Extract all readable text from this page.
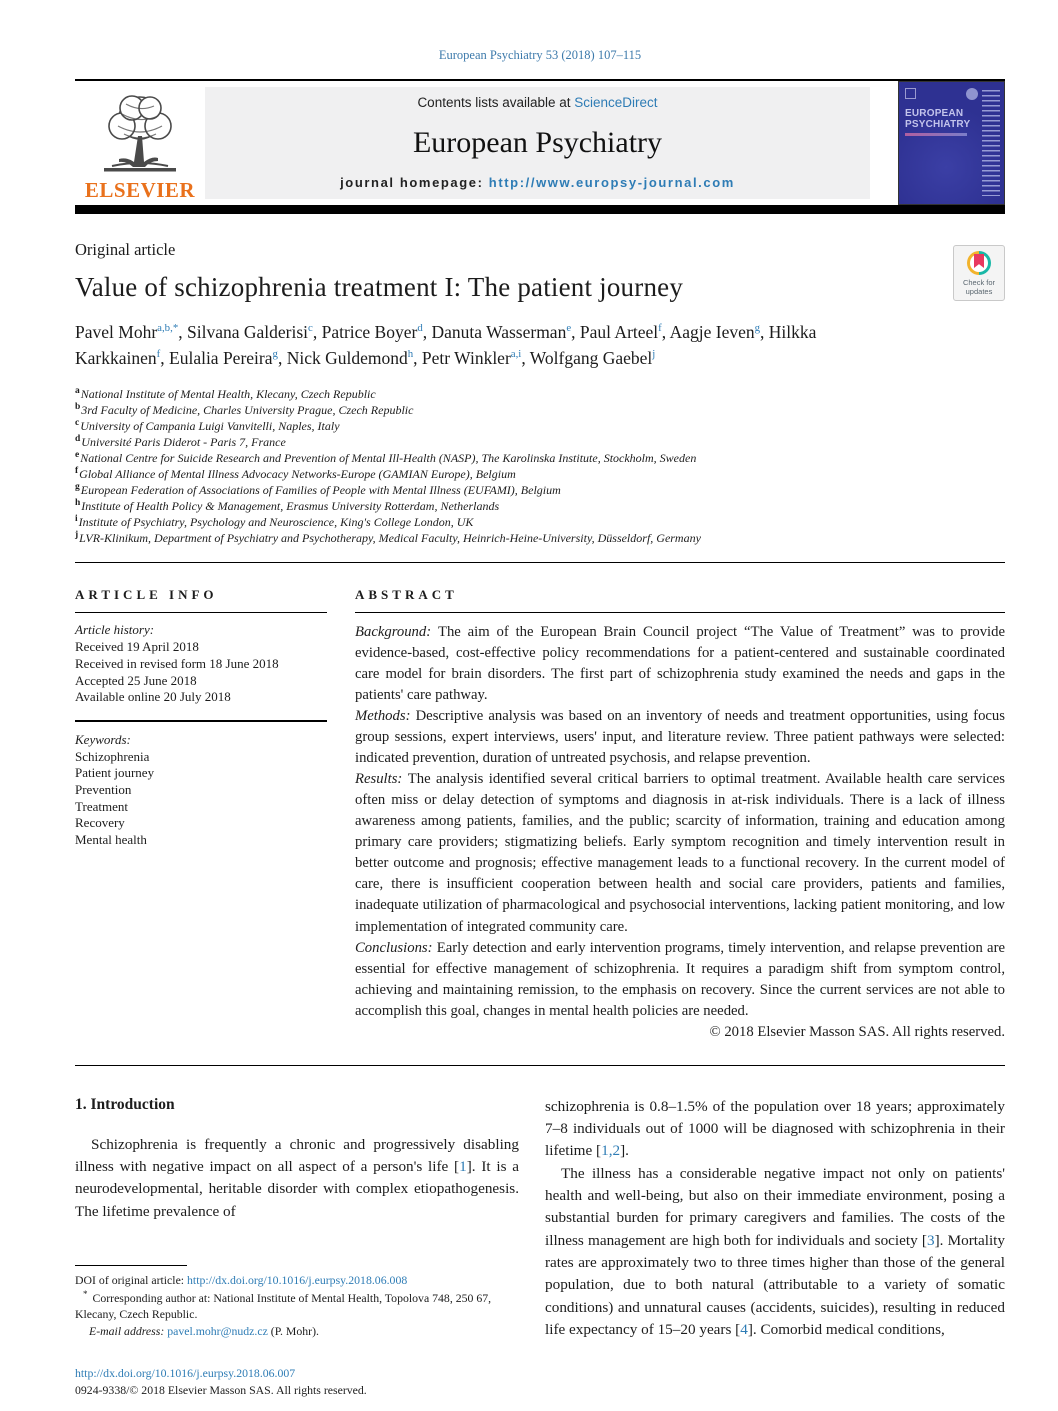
European Psychiatry 53 (2018) 107–115
ELSEVIER
Contents lists available at ScienceDirect
European Psychiatry
journal homepage: http://www.europsy-journal.com
EUROPEAN
PSYCHIATRY
Original article
Value of schizophrenia treatment I: The patient journey	Check for
updates
Pavel Mohr$^{a,b,*}$, Silvana Galderisi$^c$, Patrice Boyer$^d$, Danuta Wasserman$^e$, Paul Arteel$^f$, Aagje Ieven$^g$, Hilkka Karkkainen$^f$, Eulalia Pereira$^g$, Nick Guldemond$^h$, Petr Winkler$^{a,i}$, Wolfgang Gaebel$^j$
$^a$National Institute of Mental Health, Klecany, Czech Republic
$^b$3rd Faculty of Medicine, Charles University Prague, Czech Republic
$^c$University of Campania Luigi Vanvitelli, Naples, Italy
$^d$Université Paris Diderot - Paris 7, France
$^e$National Centre for Suicide Research and Prevention of Mental Ill-Health (NASP), The Karolinska Institute, Stockholm, Sweden
$^f$Global Alliance of Mental Illness Advocacy Networks-Europe (GAMIAN Europe), Belgium
$^g$European Federation of Associations of Families of People with Mental Illness (EUFAMI), Belgium
$^h$Institute of Health Policy & Management, Erasmus University Rotterdam, Netherlands
$^i$Institute of Psychiatry, Psychology and Neuroscience, King's College London, UK
$^j$LVR-Klinikum, Department of Psychiatry and Psychotherapy, Medical Faculty, Heinrich-Heine-University, Düsseldorf, Germany
ARTICLE INFO
Article history:
Received 19 April 2018
Received in revised form 18 June 2018
Accepted 25 June 2018
Available online 20 July 2018
Keywords:
Schizophrenia
Patient journey
Prevention
Treatment
Recovery
Mental health
ABSTRACT

Background: The aim of the European Brain Council project “The Value of Treatment” was to provide evidence-based, cost-effective policy recommendations for a patient-centered and sustainable coordinated care model for brain disorders. The first part of schizophrenia study examined the needs and gaps in the patients' care pathway.

Methods: Descriptive analysis was based on an inventory of needs and treatment opportunities, using focus group sessions, expert interviews, users' input, and literature review. Three patient pathways were selected: indicated prevention, duration of untreated psychosis, and relapse prevention.

Results: The analysis identified several critical barriers to optimal treatment. Available health care services often miss or delay detection of symptoms and diagnosis in at-risk individuals. There is a lack of illness awareness among patients, families, and the public; scarcity of information, training and education among primary care providers; stigmatizing beliefs. Early symptom recognition and timely intervention result in better outcome and prognosis; effective management leads to a functional recovery. In the current model of care, there is insufficient cooperation between health and social care providers, patients and families, inadequate utilization of pharmacological and psychosocial interventions, lacking patient monitoring, and low implementation of integrated community care.

Conclusions: Early detection and early intervention programs, timely intervention, and relapse prevention are essential for effective management of schizophrenia. It requires a paradigm shift from symptom control, achieving and maintaining remission, to the emphasis on recovery. Since the current services are not able to accomplish this goal, changes in mental health policies are needed.

© 2018 Elsevier Masson SAS. All rights reserved.
1. Introduction

Schizophrenia is frequently a chronic and progressively disabling illness with negative impact on all aspect of a person's life [1]. It is a neurodevelopmental, heritable disorder with complex etiopathogenesis. The lifetime prevalence of

DOI of original article: http://dx.doi.org/10.1016/j.eurpsy.2018.06.008
* Corresponding author at: National Institute of Mental Health, Topolova 748, 250 67, Klecany, Czech Republic.
E-mail address: pavel.mohr@nudz.cz (P. Mohr).
http://dx.doi.org/10.1016/j.eurpsy.2018.06.007
0924-9338/© 2018 Elsevier Masson SAS. All rights reserved.

schizophrenia is 0.8–1.5% of the population over 18 years; approximately 7–8 individuals out of 1000 will be diagnosed with schizophrenia in their lifetime [1,2].

The illness has a considerable negative impact not only on patients' health and well-being, but also on their immediate environment, posing a substantial burden for primary caregivers and families. The costs of the illness management are high both for individuals and society [3]. Mortality rates are approximately two to three times higher than those of the general population, due to both natural (attributable to a variety of somatic conditions) and unnatural causes (accidents, suicides), resulting in reduced life expectancy of 15–20 years [4]. Comorbid medical conditions,
